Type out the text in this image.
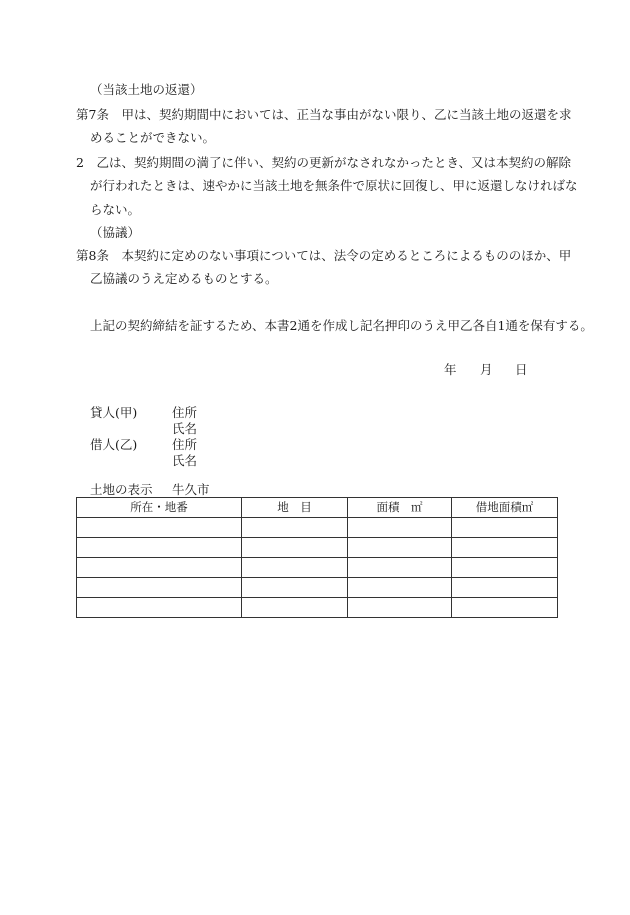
（当該土地の返還）
第7条　甲は、契約期間中においては、正当な事由がない限り、乙に当該土地の返還を求
めることができない。
2　乙は、契約期間の満了に伴い、契約の更新がなされなかったとき、又は本契約の解除
が行われたときは、速やかに当該土地を無条件で原状に回復し、甲に返還しなければな
らない。
（協議）
第8条　本契約に定めのない事項については、法令の定めるところによるもののほか、甲
乙協議のうえ定めるものとする。
上記の契約締結を証するため、本書2通を作成し記名押印のうえ甲乙各自1通を保有する。
年 月 日
貸人(甲)	住所
氏名
借人(乙)	住所
氏名
土地の表示 牛久市
所在・地番	地　目	面積　㎡	借地面積㎡
